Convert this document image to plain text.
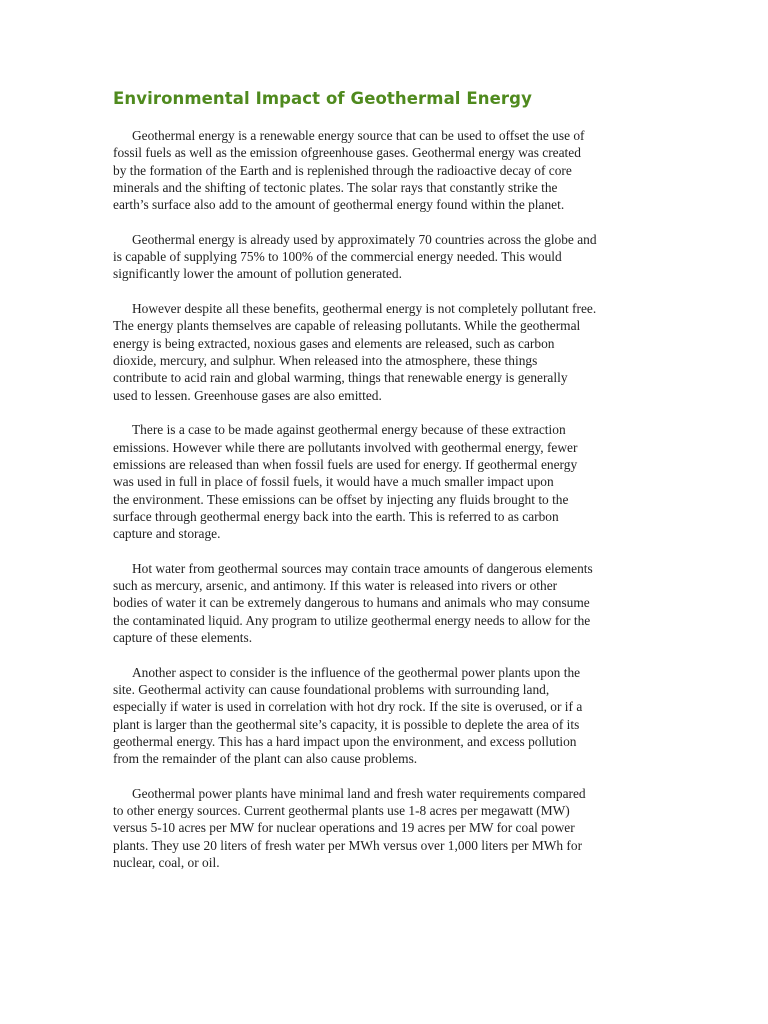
Environmental Impact of Geothermal Energy

Geothermal energy is a renewable energy source that can be used to offset the use of
fossil fuels as well as the emission ofgreenhouse gases. Geothermal energy was created
by the formation of the Earth and is replenished through the radioactive decay of core
minerals and the shifting of tectonic plates. The solar rays that constantly strike the
earth’s surface also add to the amount of geothermal energy found within the planet.

Geothermal energy is already used by approximately 70 countries across the globe and
is capable of supplying 75% to 100% of the commercial energy needed. This would
significantly lower the amount of pollution generated.

However despite all these benefits, geothermal energy is not completely pollutant free.
The energy plants themselves are capable of releasing pollutants. While the geothermal
energy is being extracted, noxious gases and elements are released, such as carbon
dioxide, mercury, and sulphur. When released into the atmosphere, these things
contribute to acid rain and global warming, things that renewable energy is generally
used to lessen. Greenhouse gases are also emitted.

There is a case to be made against geothermal energy because of these extraction
emissions. However while there are pollutants involved with geothermal energy, fewer
emissions are released than when fossil fuels are used for energy. If geothermal energy
was used in full in place of fossil fuels, it would have a much smaller impact upon
the environment. These emissions can be offset by injecting any fluids brought to the
surface through geothermal energy back into the earth. This is referred to as carbon
capture and storage.

Hot water from geothermal sources may contain trace amounts of dangerous elements
such as mercury, arsenic, and antimony. If this water is released into rivers or other
bodies of water it can be extremely dangerous to humans and animals who may consume
the contaminated liquid. Any program to utilize geothermal energy needs to allow for the
capture of these elements.

Another aspect to consider is the influence of the geothermal power plants upon the
site. Geothermal activity can cause foundational problems with surrounding land,
especially if water is used in correlation with hot dry rock. If the site is overused, or if a
plant is larger than the geothermal site’s capacity, it is possible to deplete the area of its
geothermal energy. This has a hard impact upon the environment, and excess pollution
from the remainder of the plant can also cause problems.

Geothermal power plants have minimal land and fresh water requirements compared
to other energy sources. Current geothermal plants use 1-8 acres per megawatt (MW)
versus 5-10 acres per MW for nuclear operations and 19 acres per MW for coal power
plants. They use 20 liters of fresh water per MWh versus over 1,000 liters per MWh for
nuclear, coal, or oil.
